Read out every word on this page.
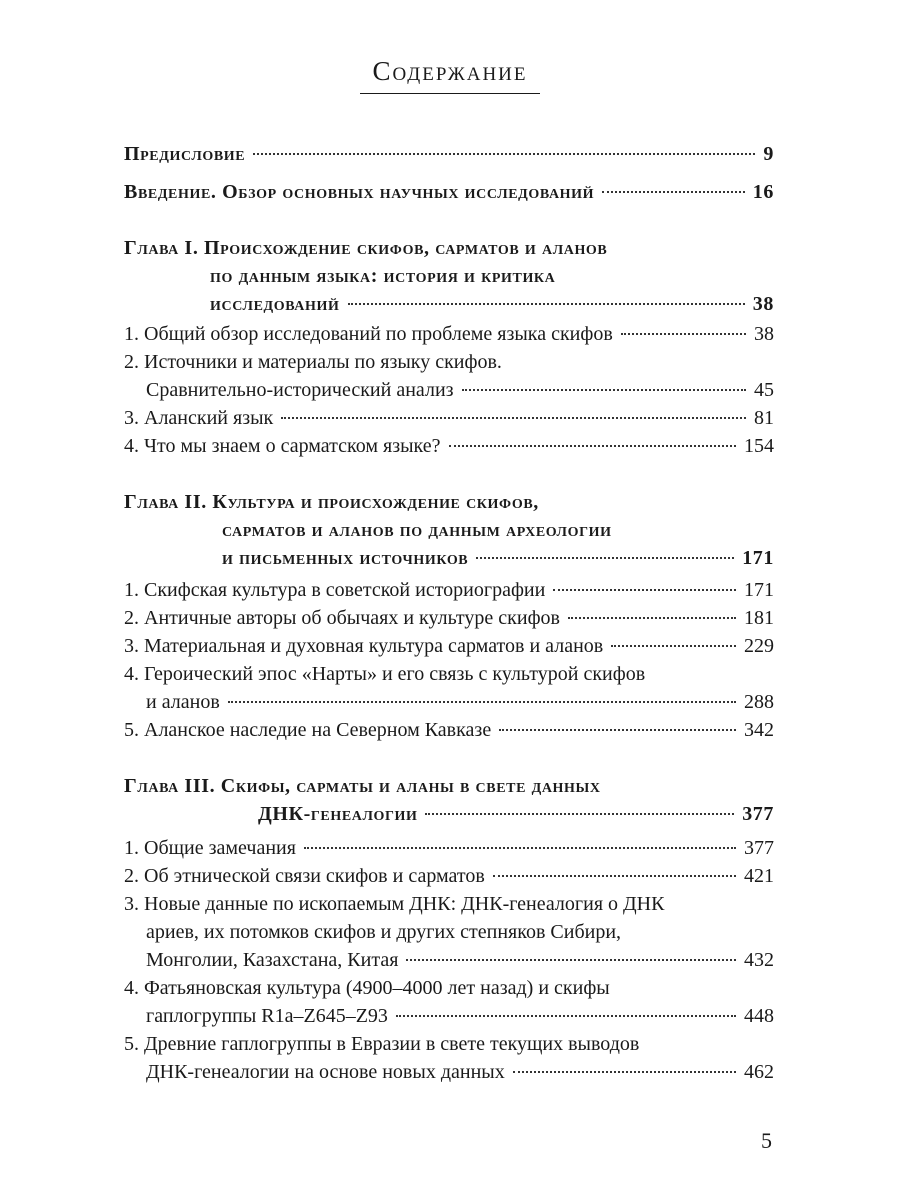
Содержание
Предисловие	9
Введение. Обзор основных научных исследований	16
Глава I. Происхождение скифов, сарматов и аланов
по данным языка: история и критика
исследований	38
1. Общий обзор исследований по проблеме языка скифов	38
2. Источники и материалы по языку скифов.
Сравнительно-исторический анализ	45
3. Аланский язык	81
4. Что мы знаем о сарматском языке?	154
Глава II. Культура и происхождение скифов,
сарматов и аланов по данным археологии
и письменных источников	171
1. Скифская культура в советской историографии	171
2. Античные авторы об обычаях и культуре скифов	181
3. Материальная и духовная культура сарматов и аланов	229
4. Героический эпос «Нарты» и его связь с культурой скифов
и аланов	288
5. Аланское наследие на Северном Кавказе	342
Глава III. Скифы, сарматы и аланы в свете данных
ДНК-генеалогии	377
1. Общие замечания	377
2. Об этнической связи скифов и сарматов	421
3. Новые данные по ископаемым ДНК: ДНК-генеалогия о ДНК
ариев, их потомков скифов и других степняков Сибири,
Монголии, Казахстана, Китая	432
4. Фатьяновская культура (4900–4000 лет назад) и скифы
гаплогруппы R1a–Z645–Z93	448
5. Древние гаплогруппы в Евразии в свете текущих выводов
ДНК-генеалогии на основе новых данных	462
5
